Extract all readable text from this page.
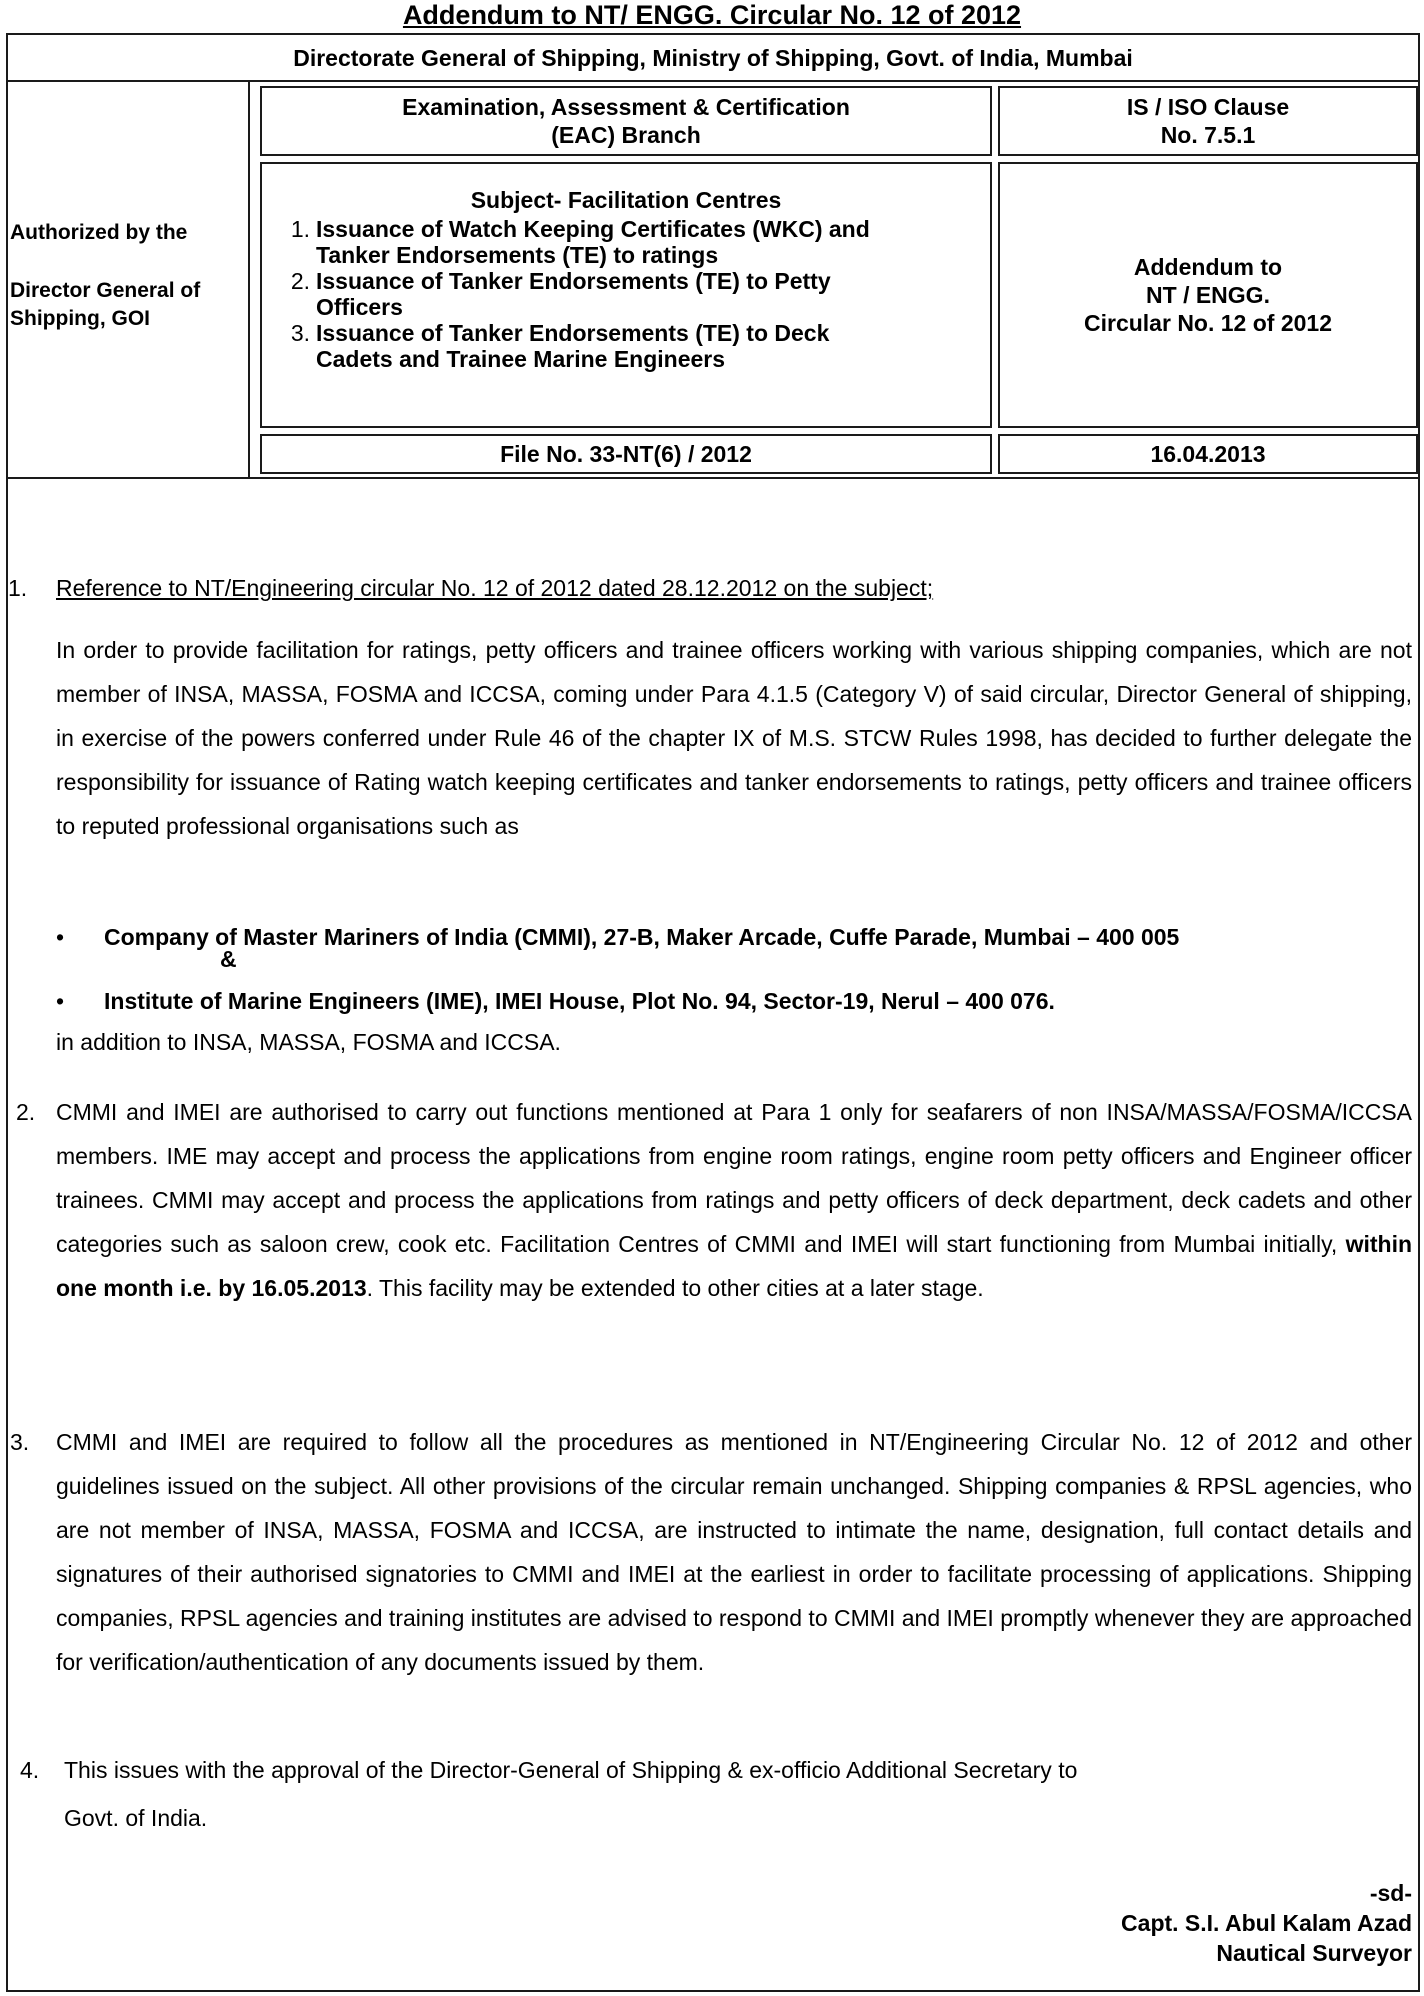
Addendum to NT/ ENGG. Circular No. 12 of 2012
Directorate General of Shipping, Ministry of Shipping, Govt. of India, Mumbai
Authorized by the
Director General of
Shipping, GOI
Examination, Assessment & Certification
(EAC) Branch
IS / ISO Clause
No. 7.5.1
Subject- Facilitation Centres
1. Issuance of Watch Keeping Certificates (WKC) and
Tanker Endorsements (TE) to ratings
2. Issuance of Tanker Endorsements (TE) to Petty
Officers
3. Issuance of Tanker Endorsements (TE) to Deck
Cadets and Trainee Marine Engineers
Addendum to
NT / ENGG.
Circular No. 12 of 2012
File No. 33-NT(6) / 2012	16.04.2013
1. Reference to NT/Engineering circular No. 12 of 2012 dated 28.12.2012 on the subject;
In order to provide facilitation for ratings, petty officers and trainee officers working with various shipping companies, which are not member of INSA, MASSA, FOSMA and ICCSA, coming under Para 4.1.5 (Category V) of said circular, Director General of shipping, in exercise of the powers conferred under Rule 46 of the chapter IX of M.S. STCW Rules 1998, has decided to further delegate the responsibility for issuance of Rating watch keeping certificates and tanker endorsements to ratings, petty officers and trainee officers to reputed professional organisations such as
• Company of Master Mariners of India (CMMI), 27-B, Maker Arcade, Cuffe Parade, Mumbai – 400 005
&
• Institute of Marine Engineers (IME), IMEI House, Plot No. 94, Sector-19, Nerul – 400 076.
in addition to INSA, MASSA, FOSMA and ICCSA.
2. CMMI and IMEI are authorised to carry out functions mentioned at Para 1 only for seafarers of non INSA/MASSA/FOSMA/ICCSA members. IME may accept and process the applications from engine room ratings, engine room petty officers and Engineer officer trainees. CMMI may accept and process the applications from ratings and petty officers of deck department, deck cadets and other categories such as saloon crew, cook etc. Facilitation Centres of CMMI and IMEI will start functioning from Mumbai initially, within one month i.e. by 16.05.2013. This facility may be extended to other cities at a later stage.
3. CMMI and IMEI are required to follow all the procedures as mentioned in NT/Engineering Circular No. 12 of 2012 and other guidelines issued on the subject. All other provisions of the circular remain unchanged. Shipping companies & RPSL agencies, who are not member of INSA, MASSA, FOSMA and ICCSA, are instructed to intimate the name, designation, full contact details and signatures of their authorised signatories to CMMI and IMEI at the earliest in order to facilitate processing of applications. Shipping companies, RPSL agencies and training institutes are advised to respond to CMMI and IMEI promptly whenever they are approached for verification/authentication of any documents issued by them.
4. This issues with the approval of the Director-General of Shipping & ex-officio Additional Secretary to
Govt. of India.
-sd-
Capt. S.I. Abul Kalam Azad
Nautical Surveyor
